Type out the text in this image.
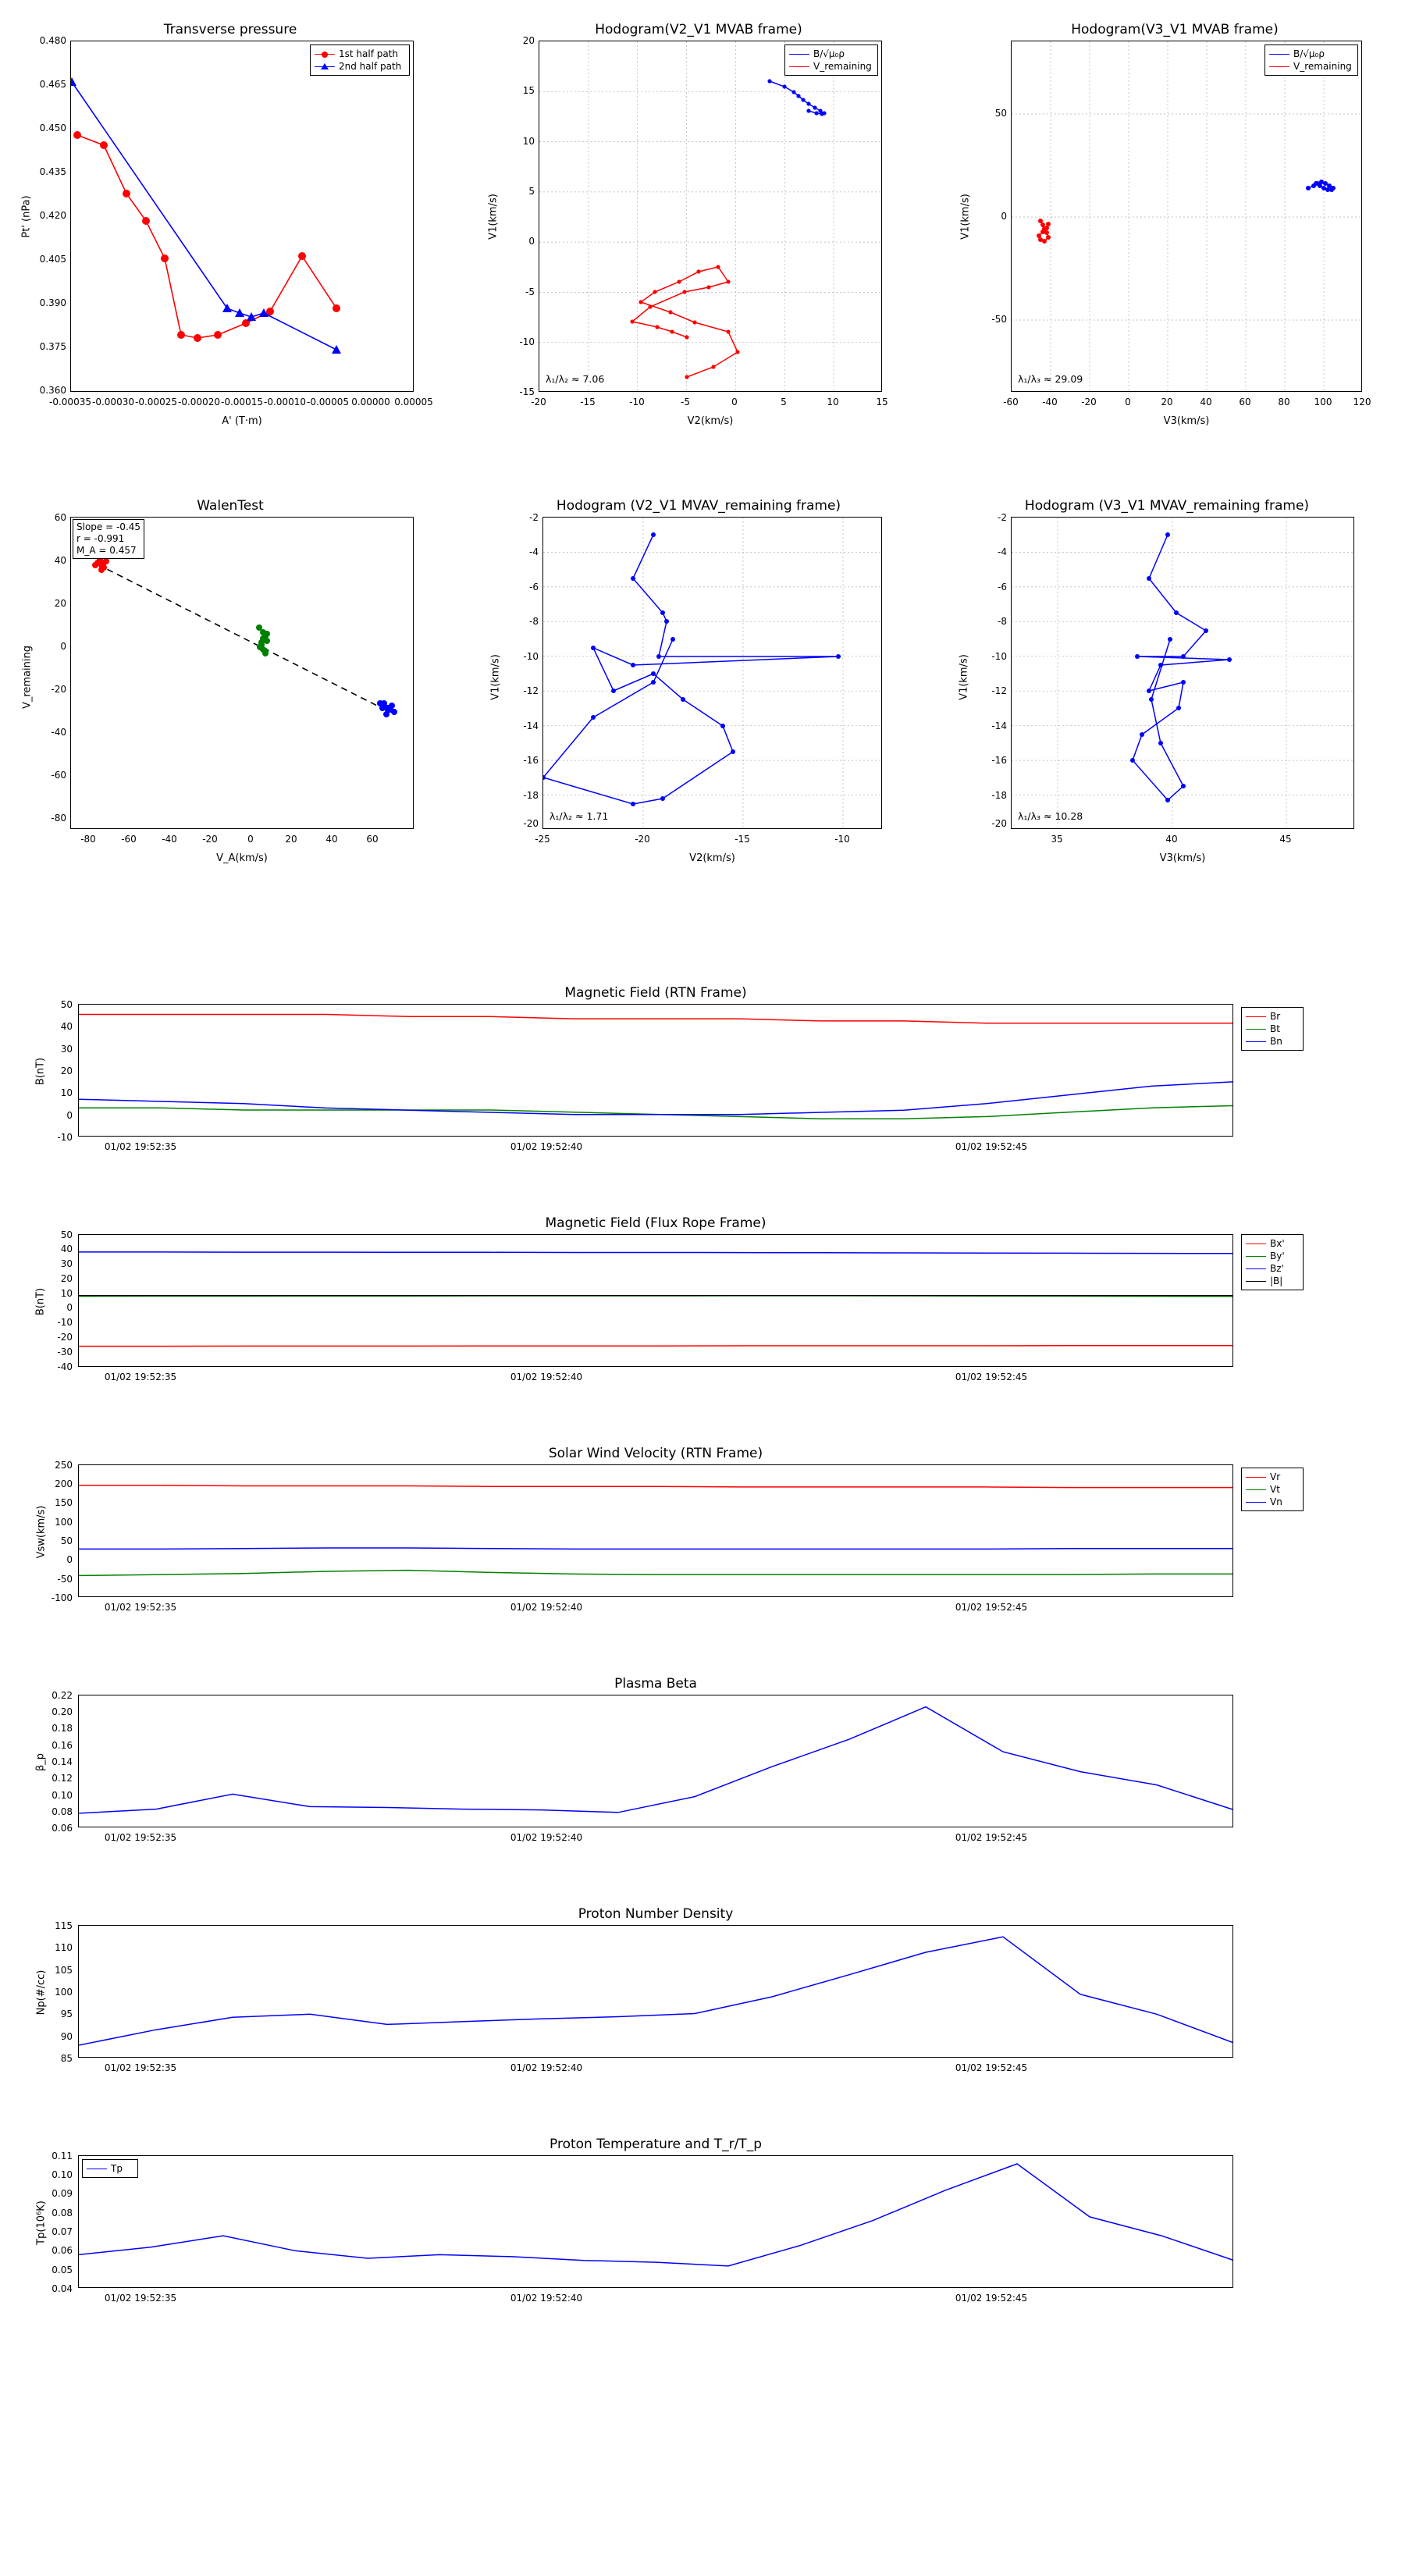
Transverse pressure
1st half path
2nd half path
Pt' (nPa)
A' (T·m)
0.480
0.465
0.450
0.435
0.420
0.405
0.390
0.375
0.360
-0.00035 -0.00030 -0.00025 -0.00020 -0.00015 -0.00010 -0.00005 0.00000 0.00005
Hodogram(V2_V1 MVAB frame)
B/√μ₀ρ
V_remaining
λ₁/λ₂ ≈ 7.06
V1(km/s)
V2(km/s)
20
15
10
5
0
-5
-10
-15
-20	-15	-10	-5	0	5	10	15
Hodogram(V3_V1 MVAB frame)
B/√μ₀ρ
V_remaining
λ₁/λ₃ ≈ 29.09
V1(km/s)
V3(km/s)
50
0
-50
-60	-40	-20	0	20	40	60	80	100	120
WalenTest
Slope = -0.45
r = -0.991
M_A = 0.457
V_remaining
V_A(km/s)
60
40
20
0
-20
-40
-60
-80
-80	-60	-40	-20	0	20	40	60
Hodogram (V2_V1 MVAV_remaining frame)
λ₁/λ₂ ≈ 1.71
V1(km/s)
V2(km/s)
-2
-4
-6
-8
-10
-12
-14
-16
-18
-20
-25	-20	-15	-10
Hodogram (V3_V1 MVAV_remaining frame)
λ₁/λ₃ ≈ 10.28
V1(km/s)
V3(km/s)
-2
-4
-6
-8
-10
-12
-14
-16
-18
-20
35	40	45
Magnetic Field (RTN Frame)
Br
Bt
Bn
B(nT)
50
40
30
20
10
0
-10
01/02 19:52:35	01/02 19:52:40	01/02 19:52:45
Magnetic Field (Flux Rope Frame)
Bx'
By'
Bz'
|B|
B(nT)
50
40
30
20
10
0
-10
-20
-30
-40
01/02 19:52:35	01/02 19:52:40	01/02 19:52:45
Solar Wind Velocity (RTN Frame)
Vr
Vt
Vn
Vsw(km/s)
250
200
150
100
50
0
-50
-100
01/02 19:52:35	01/02 19:52:40	01/02 19:52:45
Plasma Beta
β_p
0.22
0.20
0.18
0.16
0.14
0.12
0.10
0.08
0.06
01/02 19:52:35	01/02 19:52:40	01/02 19:52:45
Proton Number Density
Np(#/cc)
115
110
105
100
95
90
85
01/02 19:52:35	01/02 19:52:40	01/02 19:52:45
Proton Temperature and T_r/T_p
Tp
Tp(10⁶K)
0.11
0.10
0.09
0.08
0.07
0.06
0.05
0.04
01/02 19:52:35	01/02 19:52:40	01/02 19:52:45
